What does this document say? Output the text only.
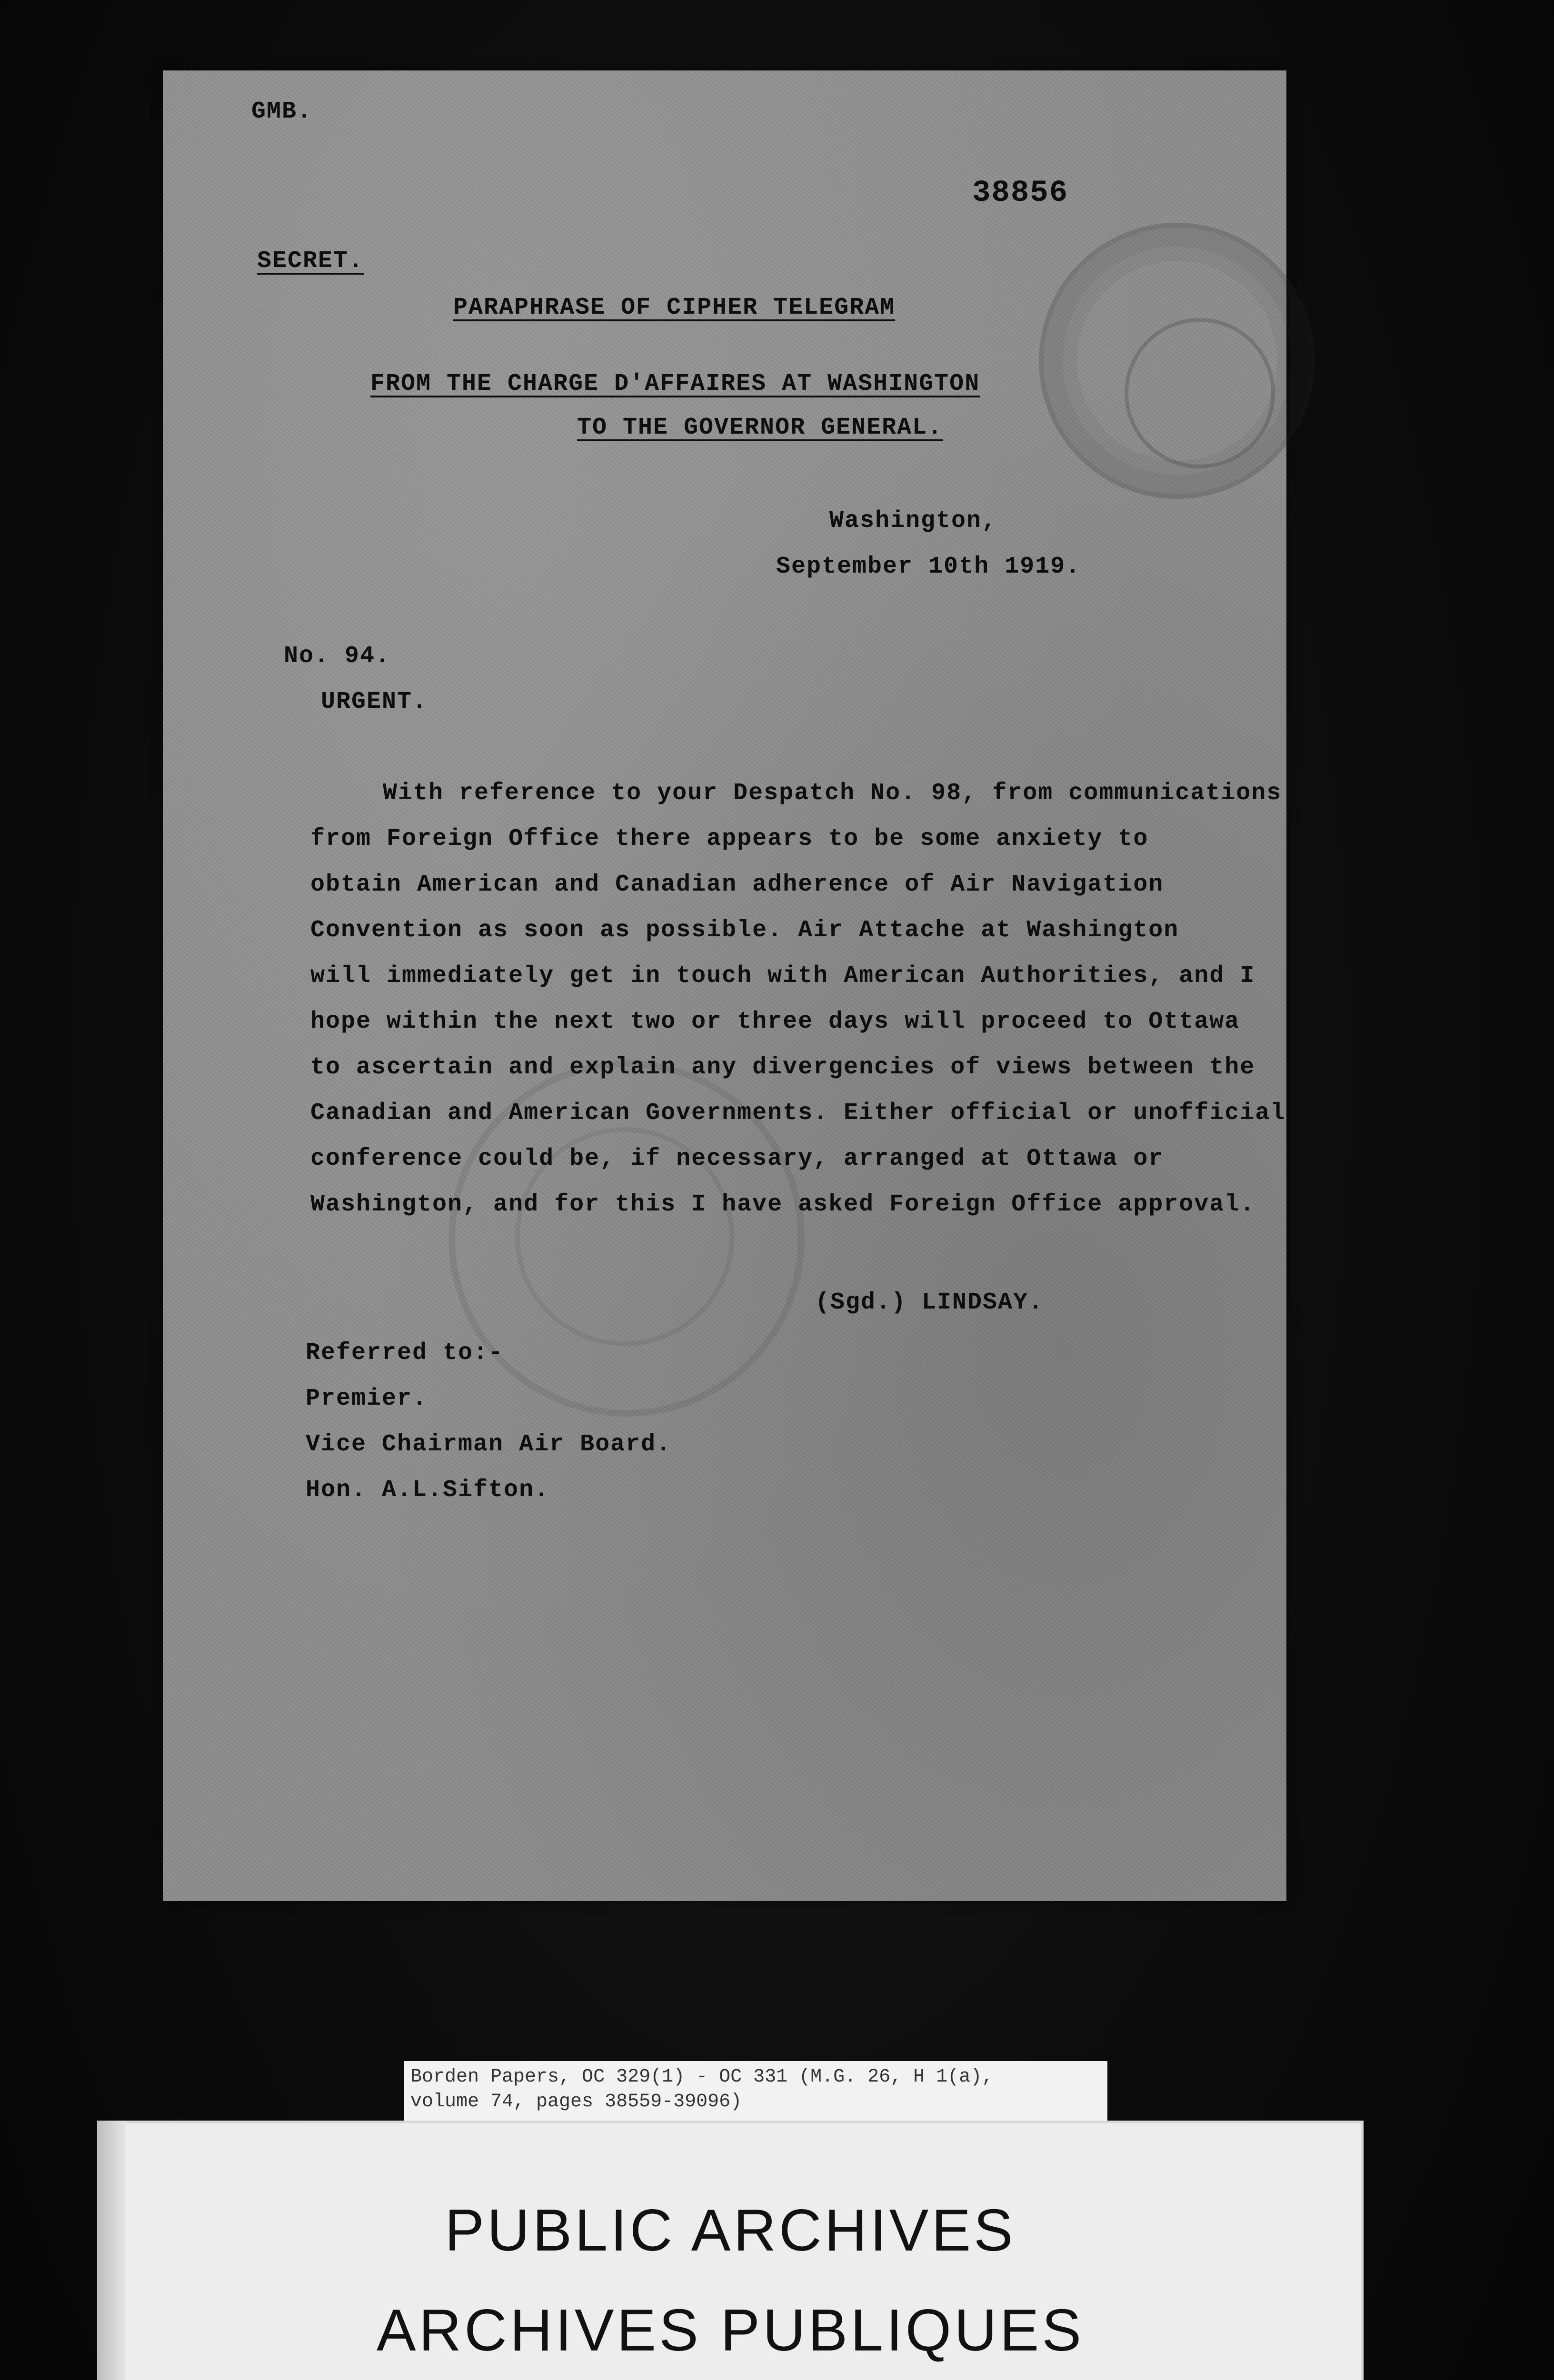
GMB.
38856
SECRET.
PARAPHRASE OF CIPHER TELEGRAM
FROM THE CHARGE D'AFFAIRES AT WASHINGTON
TO THE GOVERNOR GENERAL.
Washington,
September 10th 1919.
No. 94.
URGENT.
With reference to your Despatch No. 98, from communications
from Foreign Office there appears to be some anxiety to
obtain American and Canadian adherence of Air Navigation
Convention as soon as possible. Air Attache at Washington
will immediately get in touch with American Authorities, and I
hope within the next two or three days will proceed to Ottawa
to ascertain and explain any divergencies of views between the
Canadian and American Governments. Either official or unofficial
conference could be, if necessary, arranged at Ottawa or
Washington, and for this I have asked Foreign Office approval.
(Sgd.) LINDSAY.
Referred to:-
Premier.
Vice Chairman Air Board.
Hon. A.L.Sifton.
Borden Papers, OC 329(1) - OC 331 (M.G. 26, H 1(a),
volume 74, pages 38559-39096)
PUBLIC ARCHIVES
ARCHIVES PUBLIQUES
